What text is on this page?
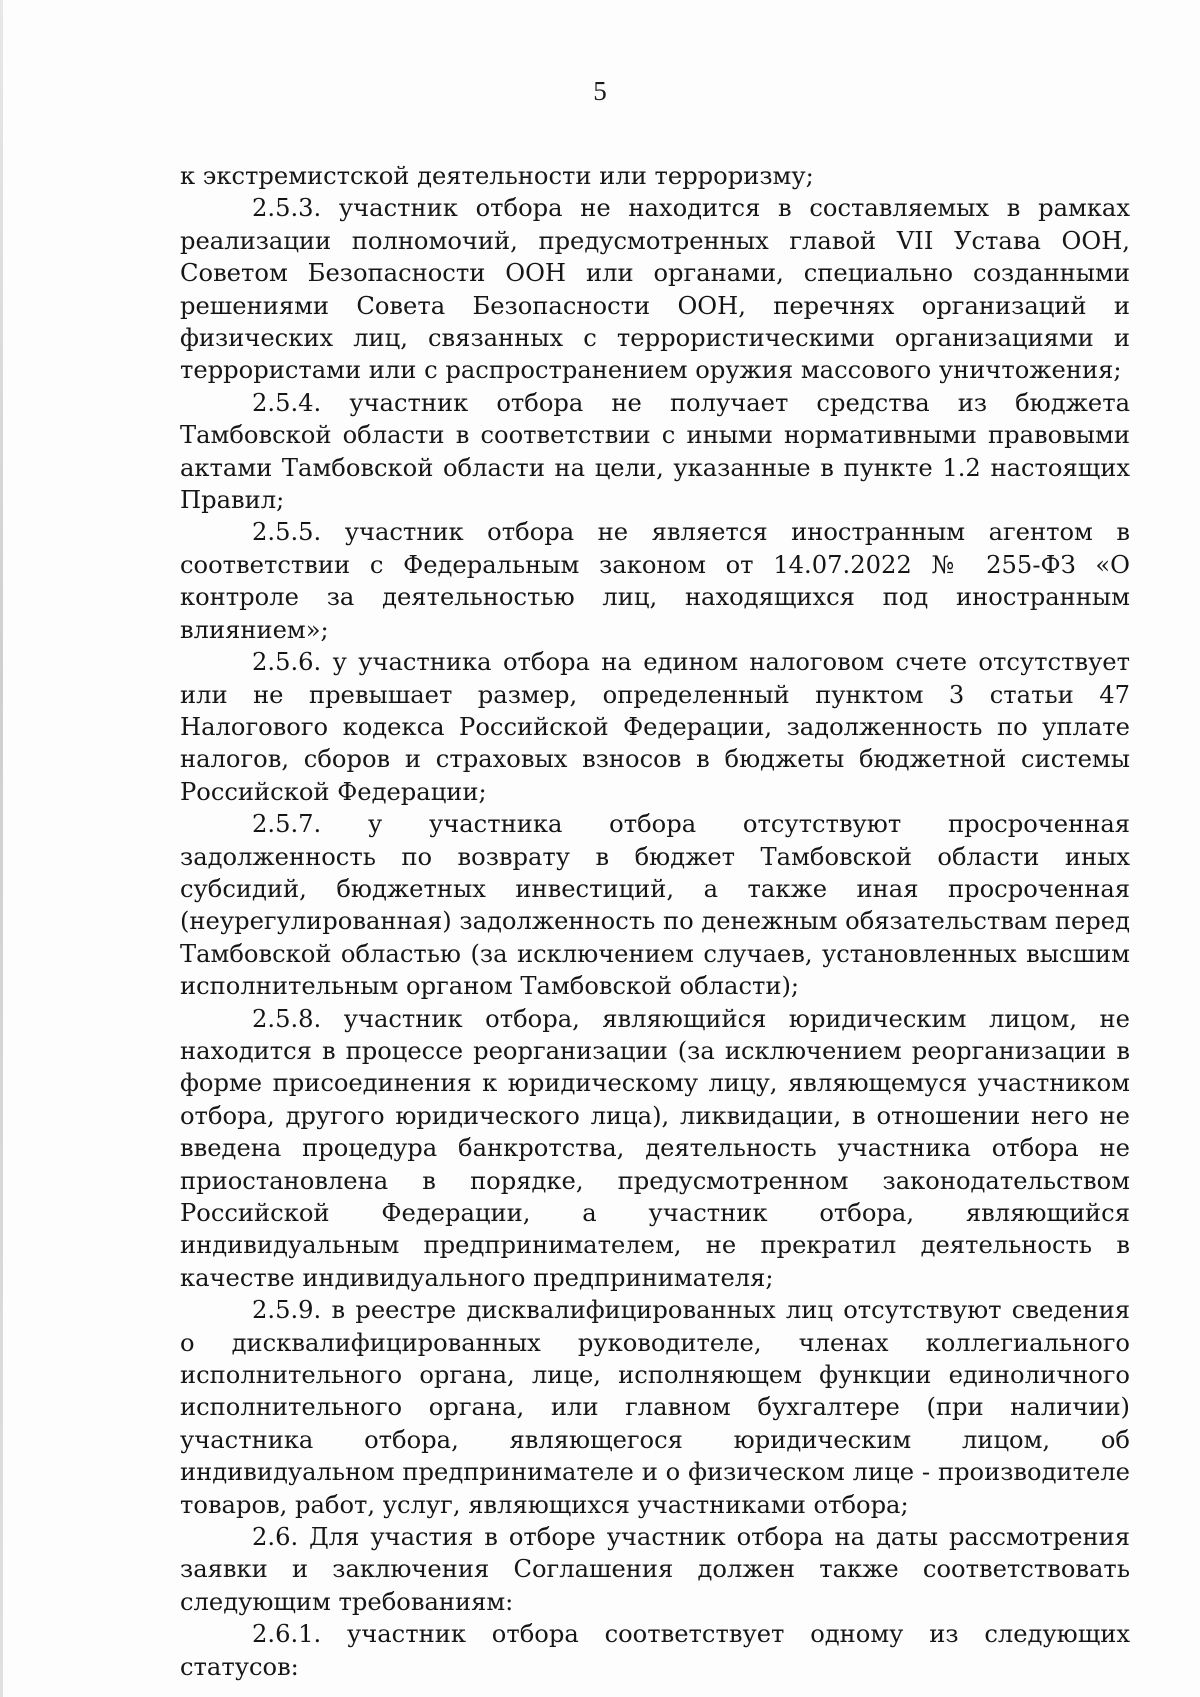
5

к экстремистской деятельности или терроризму;

2.5.3. участник отбора не находится в составляемых в рамках реализации полномочий, предусмотренных главой VII Устава ООН, Советом Безопасности ООН или органами, специально созданными решениями Совета Безопасности ООН, перечнях организаций и физических лиц, связанных с террористическими организациями и террористами или с распространением оружия массового уничтожения;

2.5.4. участник отбора не получает средства из бюджета Тамбовской области в соответствии с иными нормативными правовыми актами Тамбовской области на цели, указанные в пункте 1.2 настоящих Правил;

2.5.5. участник отбора не является иностранным агентом в соответствии с Федеральным законом от 14.07.2022 № 255-ФЗ «О контроле за деятельностью лиц, находящихся под иностранным влиянием»;

2.5.6. у участника отбора на едином налоговом счете отсутствует или не превышает размер, определенный пунктом 3 статьи 47 Налогового кодекса Российской Федерации, задолженность по уплате налогов, сборов и страховых взносов в бюджеты бюджетной системы Российской Федерации;

2.5.7. у участника отбора отсутствуют просроченная задолженность по возврату в бюджет Тамбовской области иных субсидий, бюджетных инвестиций, а также иная просроченная (неурегулированная) задолженность по денежным обязательствам перед Тамбовской областью (за исключением случаев, установленных высшим исполнительным органом Тамбовской области);

2.5.8. участник отбора, являющийся юридическим лицом, не находится в процессе реорганизации (за исключением реорганизации в форме присоединения к юридическому лицу, являющемуся участником отбора, другого юридического лица), ликвидации, в отношении него не введена процедура банкротства, деятельность участника отбора не приостановлена в порядке, предусмотренном законодательством Российской Федерации, а участник отбора, являющийся индивидуальным предпринимателем, не прекратил деятельность в качестве индивидуального предпринимателя;

2.5.9. в реестре дисквалифицированных лиц отсутствуют сведения о дисквалифицированных руководителе, членах коллегиального исполнительного органа, лице, исполняющем функции единоличного исполнительного органа, или главном бухгалтере (при наличии) участника отбора, являющегося юридическим лицом, об индивидуальном предпринимателе и о физическом лице - производителе товаров, работ, услуг, являющихся участниками отбора;

2.6. Для участия в отборе участник отбора на даты рассмотрения заявки и заключения Соглашения должен также соответствовать следующим требованиям:

2.6.1. участник отбора соответствует одному из следующих статусов:
